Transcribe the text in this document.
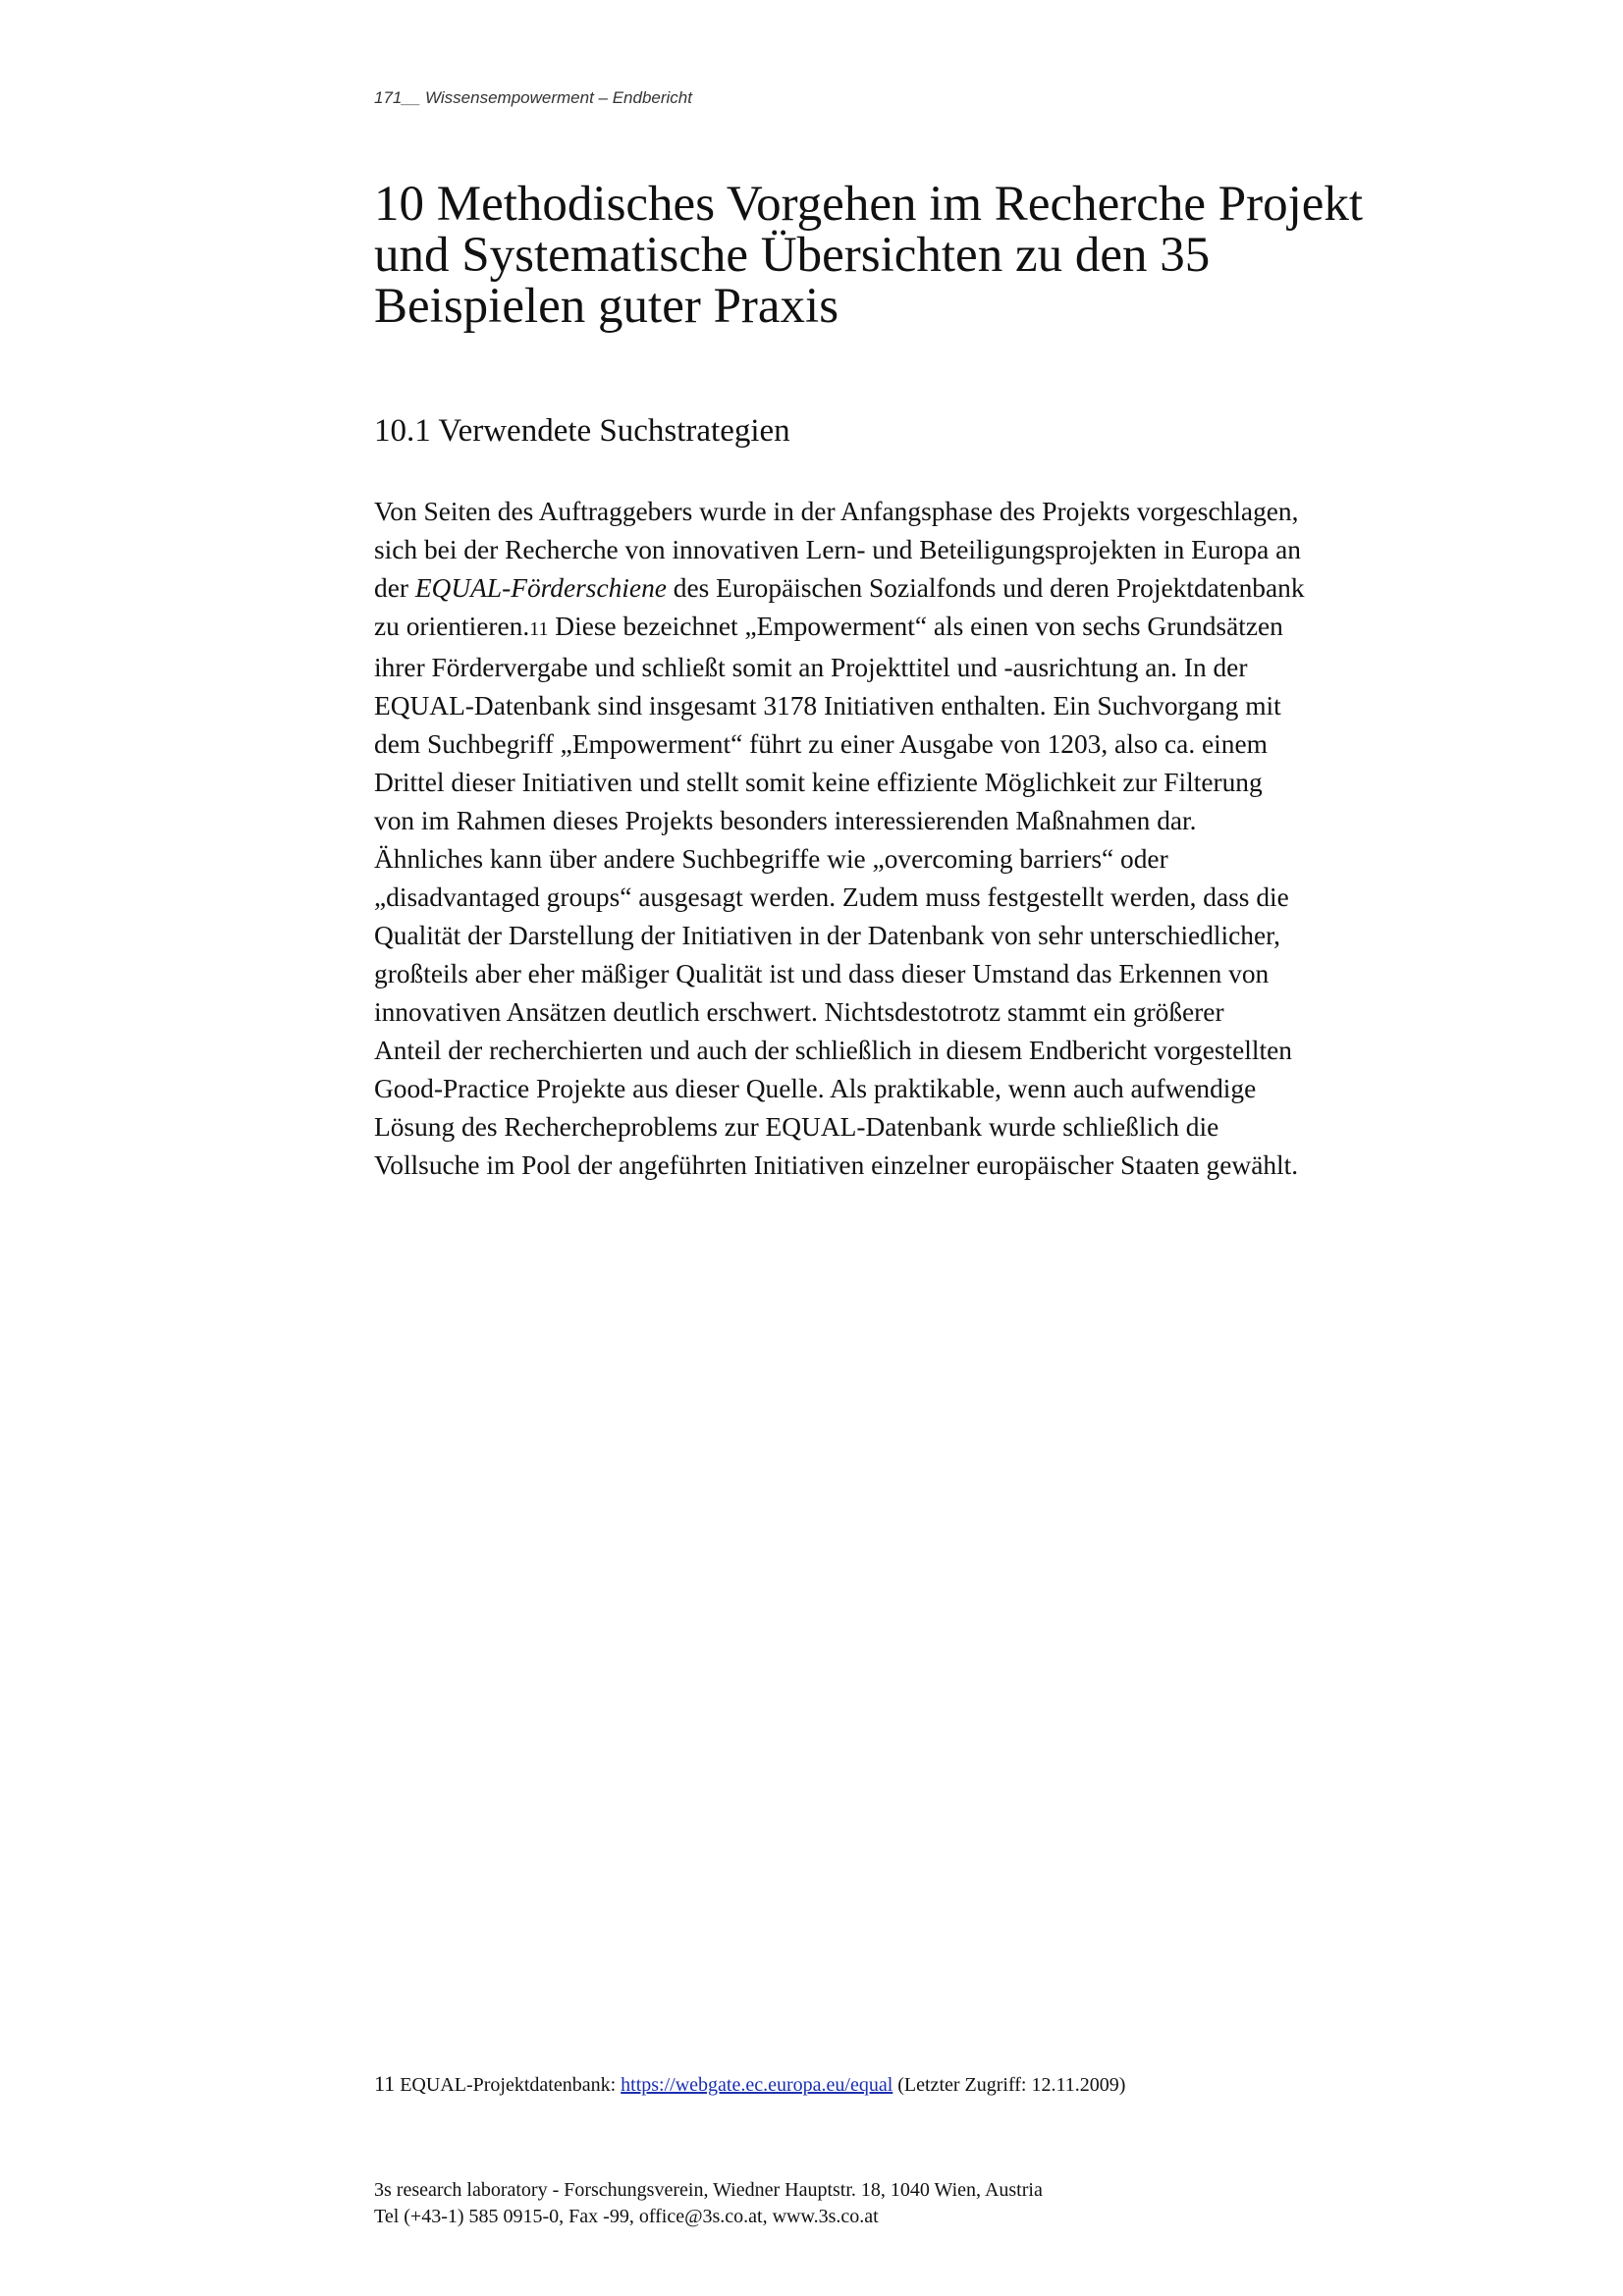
171__ Wissensempowerment – Endbericht
10 Methodisches Vorgehen im Recherche Projekt
und Systematische Übersichten zu den 35
Beispielen guter Praxis
10.1 Verwendete Suchstrategien

Von Seiten des Auftraggebers wurde in der Anfangsphase des Projekts vorgeschlagen,
sich bei der Recherche von innovativen Lern- und Beteiligungsprojekten in Europa an
der EQUAL-Förderschiene des Europäischen Sozialfonds und deren Projektdatenbank
zu orientieren.11 Diese bezeichnet „Empowerment“ als einen von sechs Grundsätzen
ihrer Fördervergabe und schließt somit an Projekttitel und -ausrichtung an. In der
EQUAL-Datenbank sind insgesamt 3178 Initiativen enthalten. Ein Suchvorgang mit
dem Suchbegriff „Empowerment“ führt zu einer Ausgabe von 1203, also ca. einem
Drittel dieser Initiativen und stellt somit keine effiziente Möglichkeit zur Filterung
von im Rahmen dieses Projekts besonders interessierenden Maßnahmen dar.
Ähnliches kann über andere Suchbegriffe wie „overcoming barriers“ oder
„disadvantaged groups“ ausgesagt werden. Zudem muss festgestellt werden, dass die
Qualität der Darstellung der Initiativen in der Datenbank von sehr unterschiedlicher,
großteils aber eher mäßiger Qualität ist und dass dieser Umstand das Erkennen von
innovativen Ansätzen deutlich erschwert. Nichtsdestotrotz stammt ein größerer
Anteil der recherchierten und auch der schließlich in diesem Endbericht vorgestellten
Good-Practice Projekte aus dieser Quelle. Als praktikable, wenn auch aufwendige
Lösung des Rechercheproblems zur EQUAL-Datenbank wurde schließlich die
Vollsuche im Pool der angeführten Initiativen einzelner europäischer Staaten gewählt.

11 EQUAL-Projektdatenbank: https://webgate.ec.europa.eu/equal (Letzter Zugriff: 12.11.2009)
3s research laboratory - Forschungsverein, Wiedner Hauptstr. 18, 1040 Wien, Austria
Tel (+43-1) 585 0915-0, Fax -99, office@3s.co.at, www.3s.co.at
